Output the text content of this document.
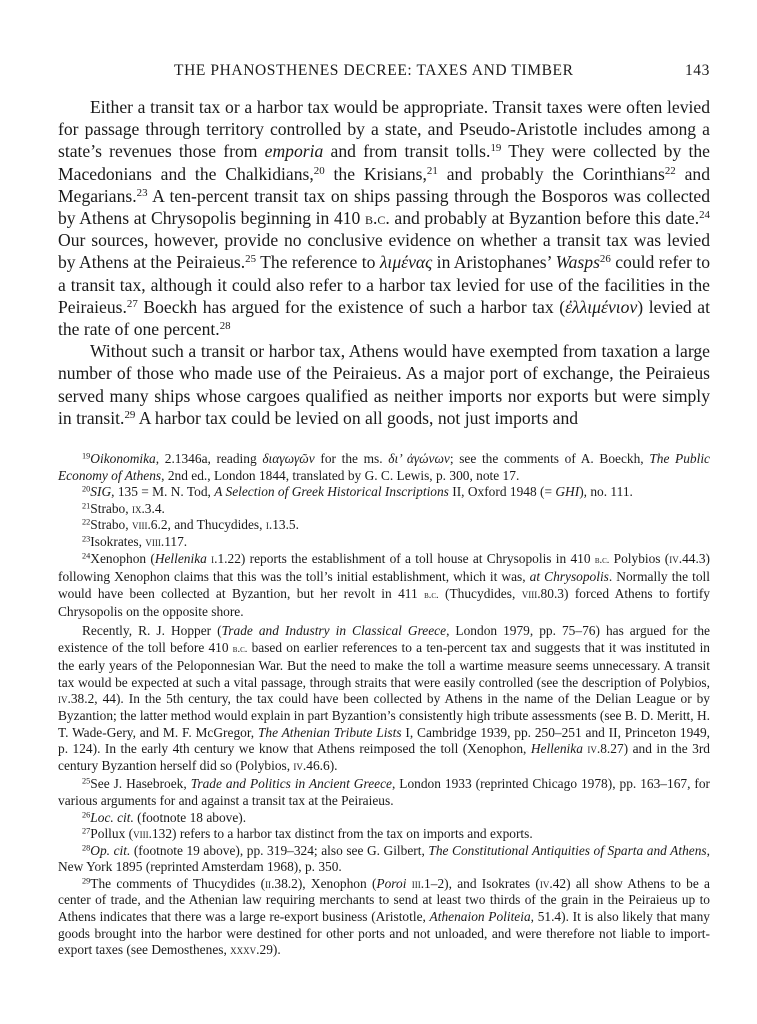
THE PHANOSTHENES DECREE: TAXES AND TIMBER	143

Either a transit tax or a harbor tax would be appropriate. Transit taxes were often levied for passage through territory controlled by a state, and Pseudo-Aristotle includes among a state’s revenues those from emporia and from transit tolls.$^{19}$ They were collected by the Macedonians and the Chalkidians,$^{20}$ the Krisians,$^{21}$ and probably the Corinthians$^{22}$ and Megarians.$^{23}$ A ten-percent transit tax on ships passing through the Bosporos was collected by Athens at Chrysopolis beginning in 410 b.c. and probably at Byzantion before this date.$^{24}$ Our sources, however, provide no conclusive evidence on whether a transit tax was levied by Athens at the Peiraieus.$^{25}$ The reference to λιμένας in Aristophanes’ Wasps$^{26}$ could refer to a transit tax, although it could also refer to a harbor tax levied for use of the facilities in the Peiraieus.$^{27}$ Boeckh has argued for the existence of such a harbor tax (ἐλλιμένιον) levied at the rate of one percent.$^{28}$

Without such a transit or harbor tax, Athens would have exempted from taxation a large number of those who made use of the Peiraieus. As a major port of exchange, the Peiraieus served many ships whose cargoes qualified as neither imports nor exports but were simply in transit.$^{29}$ A harbor tax could be levied on all goods, not just imports and

$^{19}$Oikonomika, 2.1346a, reading διαγωγῶν for the ms. δι’ ἀγώνων; see the comments of A. Boeckh, The Public Economy of Athens, 2nd ed., London 1844, translated by G. C. Lewis, p. 300, note 17.

$^{20}$SIG, 135 = M. N. Tod, A Selection of Greek Historical Inscriptions II, Oxford 1948 (= GHI), no. 111.

$^{21}$Strabo, ix.3.4.

$^{22}$Strabo, viii.6.2, and Thucydides, i.13.5.

$^{23}$Isokrates, viii.117.

$^{24}$Xenophon (Hellenika i.1.22) reports the establishment of a toll house at Chrysopolis in 410 b.c. Polybios (iv.44.3) following Xenophon claims that this was the toll’s initial establishment, which it was, at Chrysopolis. Normally the toll would have been collected at Byzantion, but her revolt in 411 b.c. (Thucydides, viii.80.3) forced Athens to fortify Chrysopolis on the opposite shore.

Recently, R. J. Hopper (Trade and Industry in Classical Greece, London 1979, pp. 75–76) has argued for the existence of the toll before 410 b.c. based on earlier references to a ten-percent tax and suggests that it was instituted in the early years of the Peloponnesian War. But the need to make the toll a wartime measure seems unnecessary. A transit tax would be expected at such a vital passage, through straits that were easily controlled (see the description of Polybios, iv.38.2, 44). In the 5th century, the tax could have been collected by Athens in the name of the Delian League or by Byzantion; the latter method would explain in part Byzantion’s consistently high tribute assessments (see B. D. Meritt, H. T. Wade-Gery, and M. F. McGregor, The Athenian Tribute Lists I, Cambridge 1939, pp. 250–251 and II, Princeton 1949, p. 124). In the early 4th century we know that Athens reimposed the toll (Xenophon, Hellenika iv.8.27) and in the 3rd century Byzantion herself did so (Polybios, iv.46.6).

$^{25}$See J. Hasebroek, Trade and Politics in Ancient Greece, London 1933 (reprinted Chicago 1978), pp. 163–167, for various arguments for and against a transit tax at the Peiraieus.

$^{26}$Loc. cit. (footnote 18 above).

$^{27}$Pollux (viii.132) refers to a harbor tax distinct from the tax on imports and exports.

$^{28}$Op. cit. (footnote 19 above), pp. 319–324; also see G. Gilbert, The Constitutional Antiquities of Sparta and Athens, New York 1895 (reprinted Amsterdam 1968), p. 350.

$^{29}$The comments of Thucydides (ii.38.2), Xenophon (Poroi iii.1–2), and Isokrates (iv.42) all show Athens to be a center of trade, and the Athenian law requiring merchants to send at least two thirds of the grain in the Peiraieus up to Athens indicates that there was a large re-export business (Aristotle, Athenaion Politeia, 51.4). It is also likely that many goods brought into the harbor were destined for other ports and not unloaded, and were therefore not liable to import-export taxes (see Demosthenes, xxxv.29).
